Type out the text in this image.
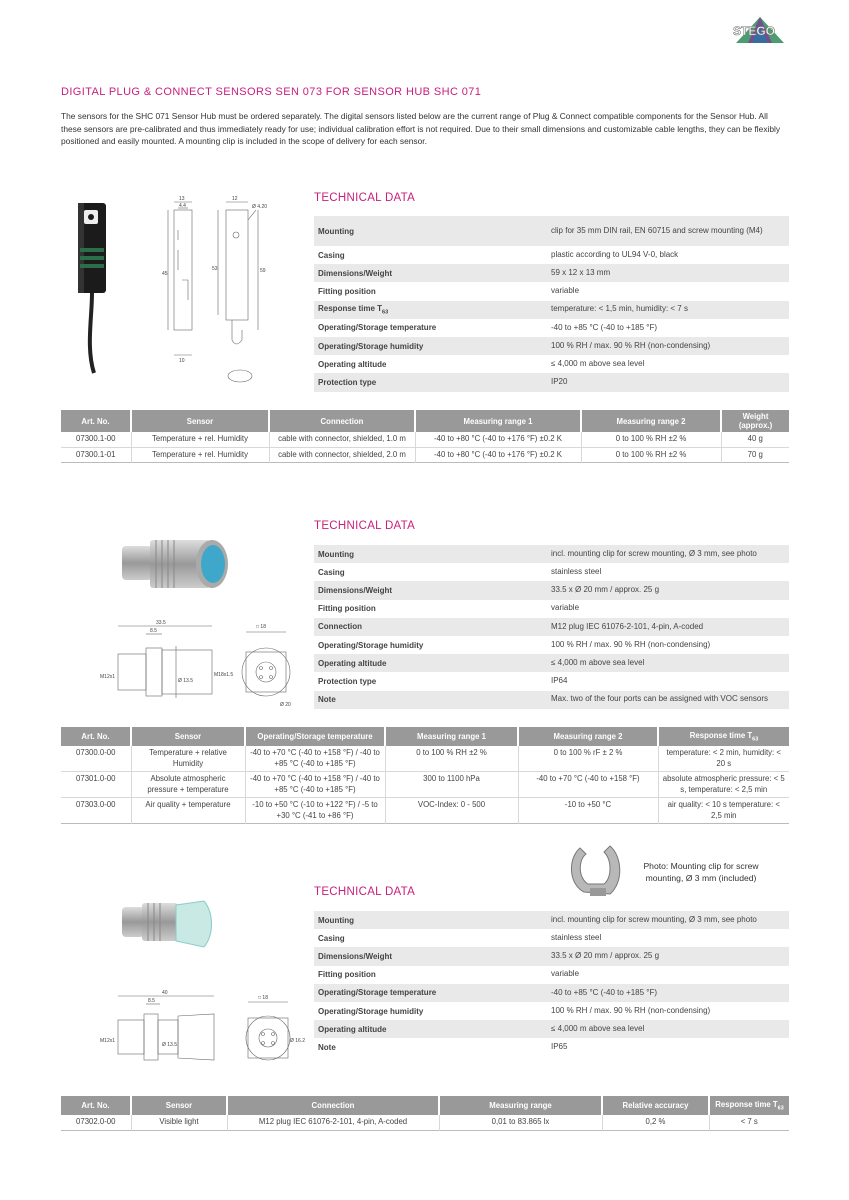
STEGO
DIGITAL PLUG & CONNECT SENSORS SEN 073 FOR SENSOR HUB SHC 071
The sensors for the SHC 071 Sensor Hub must be ordered separately. The digital sensors listed below are the current range of Plug & Connect compatible components for the Sensor Hub. All these sensors are pre-calibrated and thus immediately ready for use; individual calibration effort is not required. Due to their small dimensions and customizable cable lengths, they can be flexibly positioned and easily mounted. A mounting clip is included in the scope of delivery for each sensor.
13
4.4
12
Ø 4.20
45
53	59
10
TECHNICAL DATA
Mounting	clip for 35 mm DIN rail, EN 60715 and screw mounting (M4)
Casing	plastic according to UL94 V-0, black
Dimensions/Weight	59 x 12 x 13 mm
Fitting position	variable
Response time $T_{63}$	temperature: < 1,5 min, humidity: < 7 s
Operating/Storage temperature	-40 to +85 °C (-40 to +185 °F)
Operating/Storage humidity	100 % RH / max. 90 % RH (non-condensing)
Operating altitude	≤ 4,000 m above sea level
Protection type	IP20
Art. No.	Sensor	Connection	Measuring range 1	Measuring range 2	Weight (approx.)
07300.1-00	Temperature + rel. Humidity	cable with connector, shielded, 1.0 m	-40 to +80 °C (-40 to +176 °F) ±0.2 K	0 to 100 % RH ±2 %	40 g
07300.1-01	Temperature + rel. Humidity	cable with connector, shielded, 2.0 m	-40 to +80 °C (-40 to +176 °F) ±0.2 K	0 to 100 % RH ±2 %	70 g
33.5
8.5
M12x1
Ø 13.5
M18x1.5
□ 18
Ø 20
TECHNICAL DATA
Mounting	incl. mounting clip for screw mounting, Ø 3 mm, see photo
Casing	stainless steel
Dimensions/Weight	33.5 x Ø 20 mm / approx. 25 g
Fitting position	variable
Connection	M12 plug IEC 61076-2-101, 4-pin, A-coded
Operating/Storage humidity	100 % RH / max. 90 % RH (non-condensing)
Operating altitude	≤ 4,000 m above sea level
Protection type	IP64
Note	Max. two of the four ports can be assigned with VOC sensors
Art. No.	Sensor	Operating/Storage temperature	Measuring range 1	Measuring range 2	Response time $T_{63}$
07300.0-00	Temperature + relative Humidity	-40 to +70 °C (-40 to +158 °F) / -40 to +85 °C (-40 to +185 °F)	0 to 100 % RH ±2 %	0 to 100 % rF ± 2 %	temperature: < 2 min, humidity: < 20 s
07301.0-00	Absolute atmospheric pressure + temperature	-40 to +70 °C (-40 to +158 °F) / -40 to +85 °C (-40 to +185 °F)	300 to 1100 hPa	-40 to +70 °C (-40 to +158 °F)	absolute atmospheric pressure: < 5 s, temperature: < 2,5 min
07303.0-00	Air quality + temperature	-10 to +50 °C (-10 to +122 °F) / -5 to +30 °C (-41 to +86 °F)	VOC-Index: 0 - 500	-10 to +50 °C	air quality: < 10 s temperature: < 2,5 min
Photo: Mounting clip for screw mounting, Ø 3 mm (included)
40
8.5
M12x1
Ø 13.5
□ 18
Ø 16.2
TECHNICAL DATA
Mounting	incl. mounting clip for screw mounting, Ø 3 mm, see photo
Casing	stainless steel
Dimensions/Weight	33.5 x Ø 20 mm / approx. 25 g
Fitting position	variable
Operating/Storage temperature	-40 to +85 °C (-40 to +185 °F)
Operating/Storage humidity	100 % RH / max. 90 % RH (non-condensing)
Operating altitude	≤ 4,000 m above sea level
Note	IP65
Art. No.	Sensor	Connection	Measuring range	Relative accuracy	Response time $T_{63}$
07302.0-00	Visible light	M12 plug IEC 61076-2-101, 4-pin, A-coded	0,01 to 83.865 lx	0,2 %	< 7 s
